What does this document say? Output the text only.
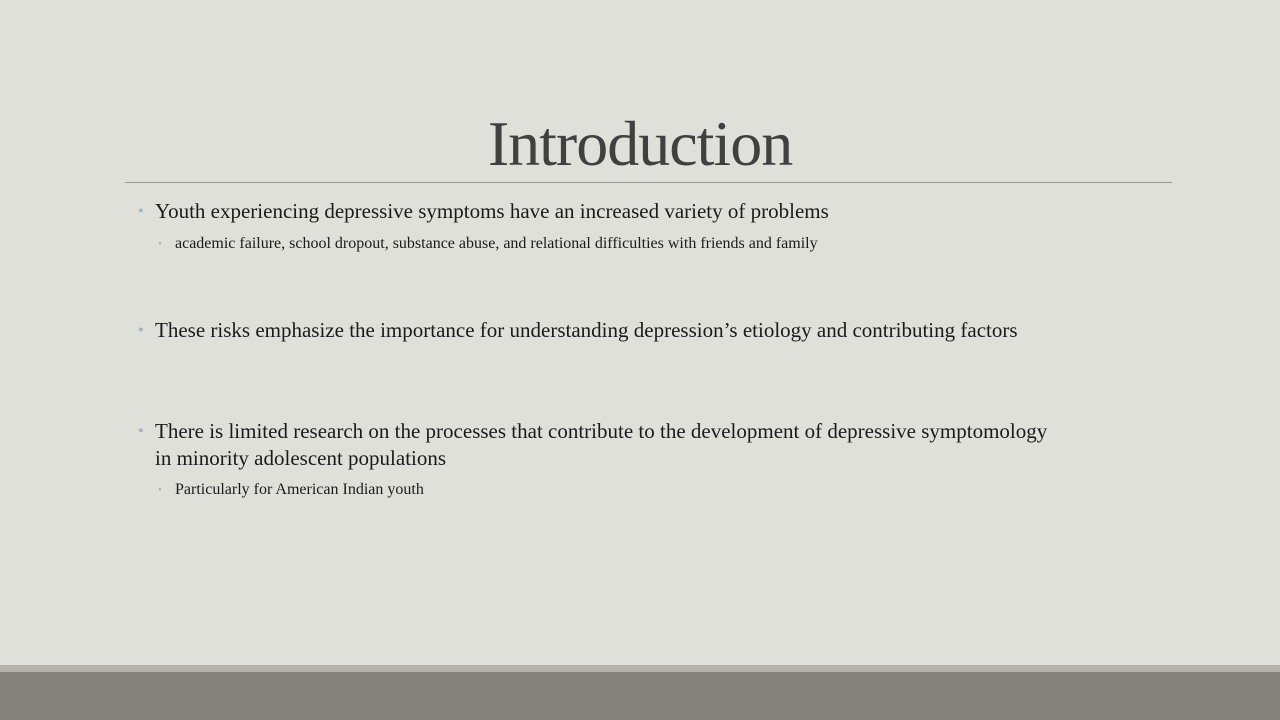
Introduction
• Youth experiencing depressive symptoms have an increased variety of problems
• academic failure, school dropout, substance abuse, and relational difficulties with friends and family
• These risks emphasize the importance for understanding depression’s etiology and contributing factors
• There is limited research on the processes that contribute to the development of depressive symptomology in minority adolescent populations
• Particularly for American Indian youth
